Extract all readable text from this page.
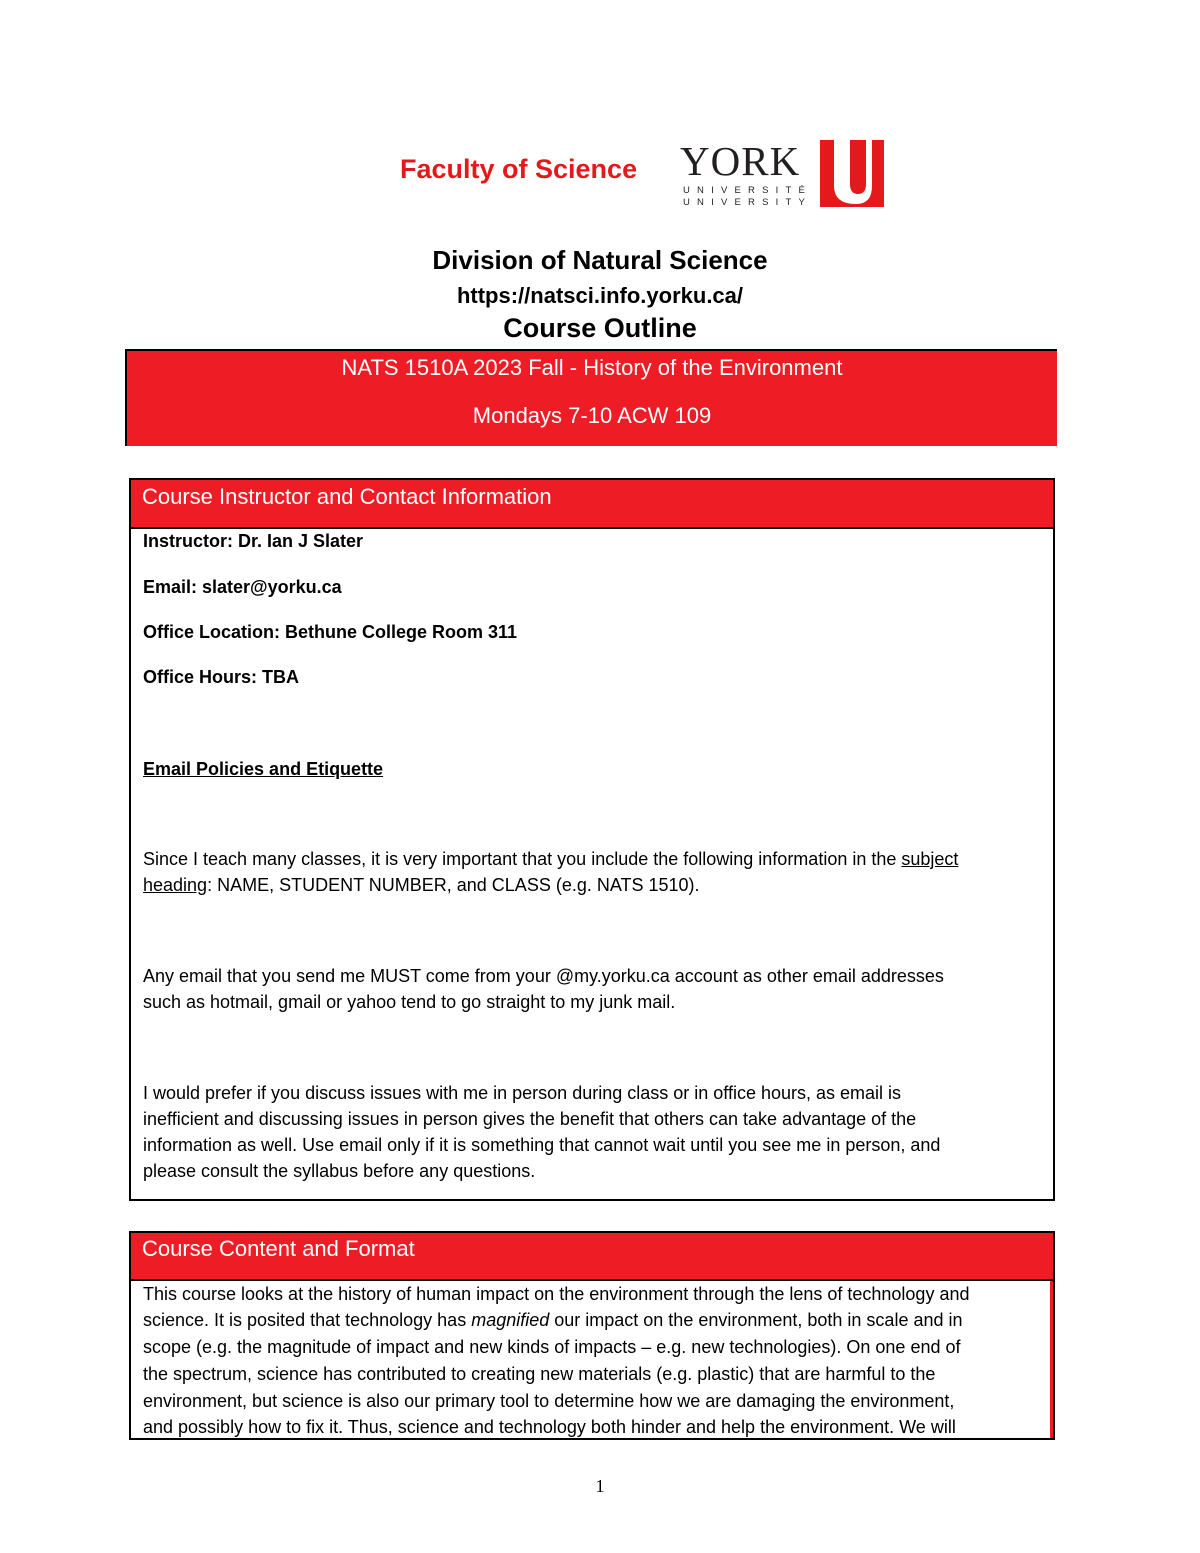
Faculty of Science YORK
UNIVERSITÉ
UNIVERSITY
Division of Natural Science
https://natsci.info.yorku.ca/
Course Outline
NATS 1510A 2023 Fall - History of the Environment
Mondays 7-10 ACW 109
Course Instructor and Contact Information
Instructor: Dr. Ian J Slater
Email: slater@yorku.ca
Office Location: Bethune College Room 311
Office Hours: TBA
Email Policies and Etiquette
Since I teach many classes, it is very important that you include the following information in the subject
heading: NAME, STUDENT NUMBER, and CLASS (e.g. NATS 1510).
Any email that you send me MUST come from your @my.yorku.ca account as other email addresses
such as hotmail, gmail or yahoo tend to go straight to my junk mail.
I would prefer if you discuss issues with me in person during class or in office hours, as email is
inefficient and discussing issues in person gives the benefit that others can take advantage of the
information as well. Use email only if it is something that cannot wait until you see me in person, and
please consult the syllabus before any questions.
Course Content and Format
This course looks at the history of human impact on the environment through the lens of technology and
science. It is posited that technology has magnified our impact on the environment, both in scale and in
scope (e.g. the magnitude of impact and new kinds of impacts – e.g. new technologies). On one end of
the spectrum, science has contributed to creating new materials (e.g. plastic) that are harmful to the
environment, but science is also our primary tool to determine how we are damaging the environment,
and possibly how to fix it. Thus, science and technology both hinder and help the environment. We will
1
